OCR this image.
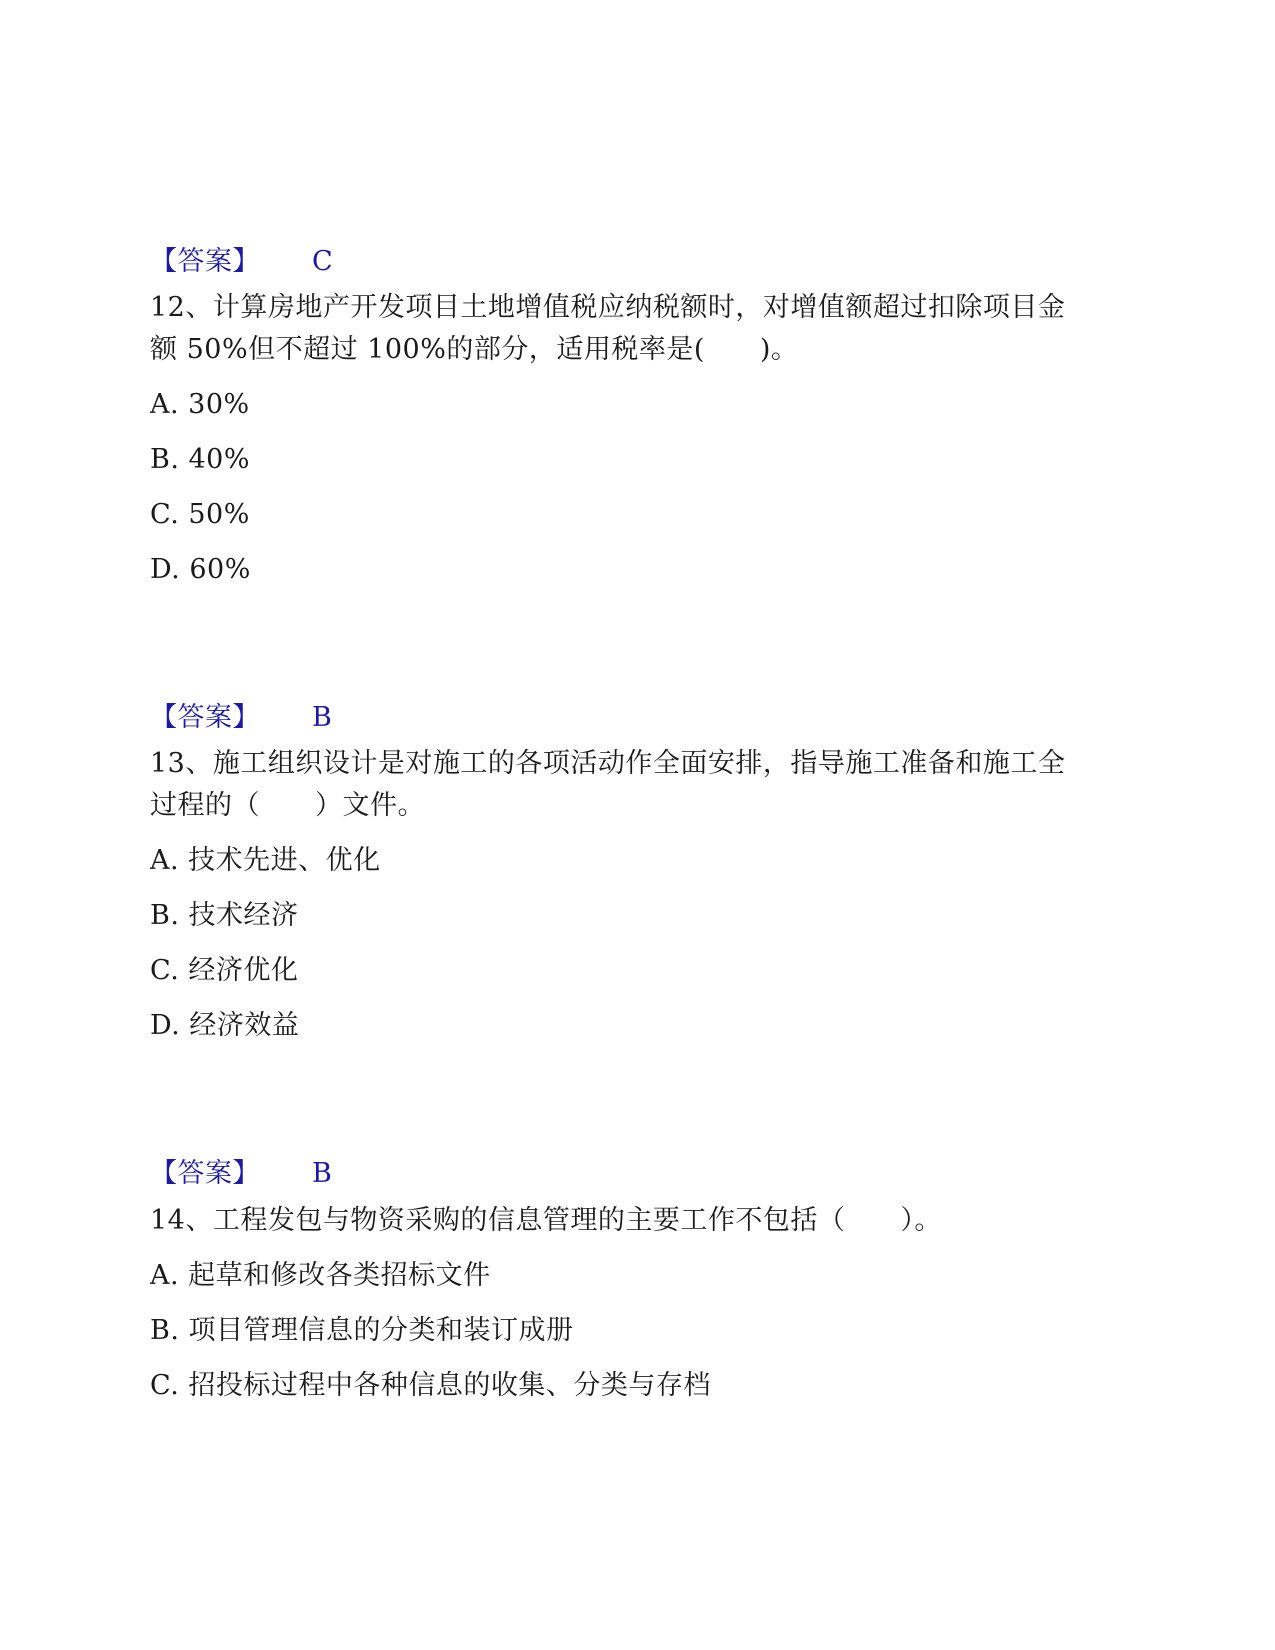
【答案】 C
12、计算房地产开发项目土地增值税应纳税额时，对增值额超过扣除项目金
额 50%但不超过 100%的部分，适用税率是(　　)。
A. 30%
B. 40%
C. 50%
D. 60%
【答案】 B
13、施工组织设计是对施工的各项活动作全面安排，指导施工准备和施工全
过程的（　　）文件。
A. 技术先进、优化
B. 技术经济
C. 经济优化
D. 经济效益
【答案】 B
14、工程发包与物资采购的信息管理的主要工作不包括（　　）。
A. 起草和修改各类招标文件
B. 项目管理信息的分类和装订成册
C. 招投标过程中各种信息的收集、分类与存档
